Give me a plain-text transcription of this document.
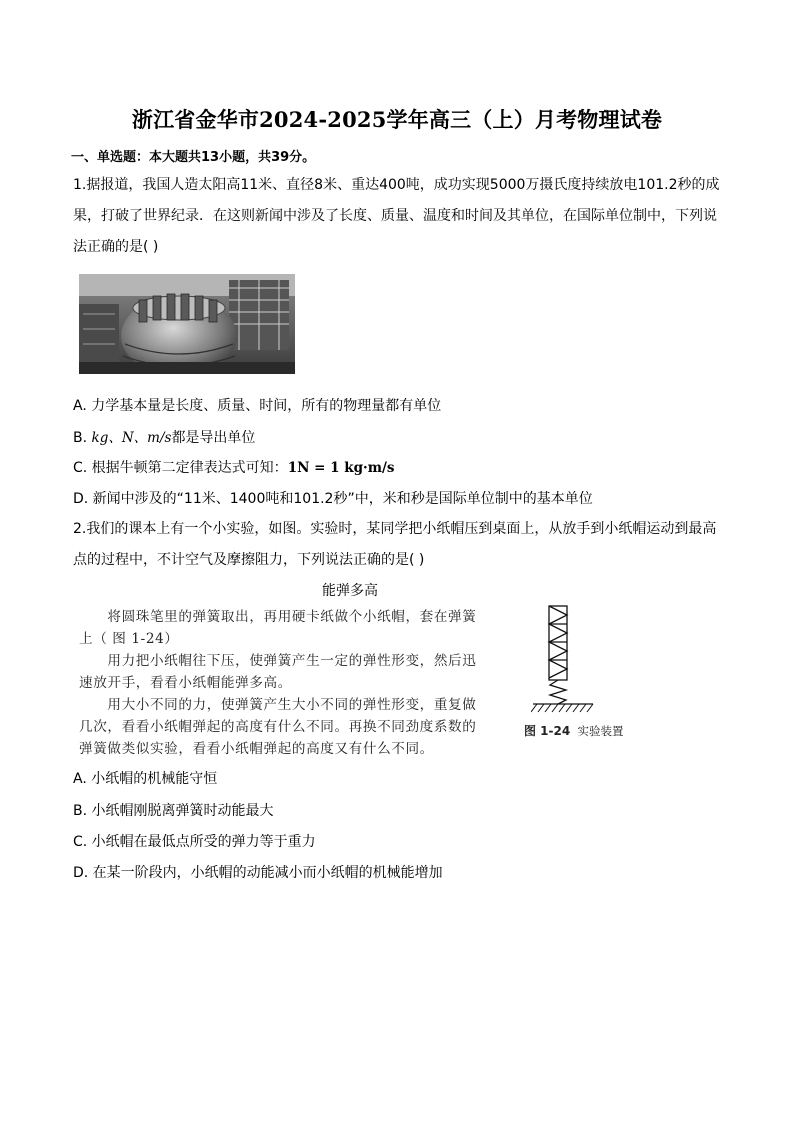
浙江省金华市2024-2025学年高三（上）月考物理试卷
一、单选题：本大题共13小题，共39分。
1.据报道，我国人造太阳高11米、直径8米、重达400吨，成功实现5000万摄氏度持续放电101.2秒的成
果，打破了世界纪录．在这则新闻中涉及了长度、质量、温度和时间及其单位，在国际单位制中，下列说
法正确的是( )
A. 力学基本量是长度、质量、时间，所有的物理量都有单位
B. kg、N、m/s都是导出单位
C. 根据牛顿第二定律表达式可知：1N = 1 kg·m/s
D. 新闻中涉及的“11米、1400吨和101.2秒”中，米和秒是国际单位制中的基本单位
2.我们的课本上有一个小实验，如图。实验时，某同学把小纸帽压到桌面上，从放手到小纸帽运动到最高
点的过程中，不计空气及摩擦阻力，下列说法正确的是( )
能弹多高
　　将圆珠笔里的弹簧取出，再用硬卡纸做个小纸帽，套在弹簧
上（ 图 1-24）
　　用力把小纸帽往下压，使弹簧产生一定的弹性形变，然后迅
速放开手，看看小纸帽能弹多高。
　　用大小不同的力，使弹簧产生大小不同的弹性形变，重复做
几次，看看小纸帽弹起的高度有什么不同。再换不同劲度系数的
弹簧做类似实验，看看小纸帽弹起的高度又有什么不同。
图 1-24 实验装置
A. 小纸帽的机械能守恒
B. 小纸帽刚脱离弹簧时动能最大
C. 小纸帽在最低点所受的弹力等于重力
D. 在某一阶段内，小纸帽的动能减小而小纸帽的机械能增加
